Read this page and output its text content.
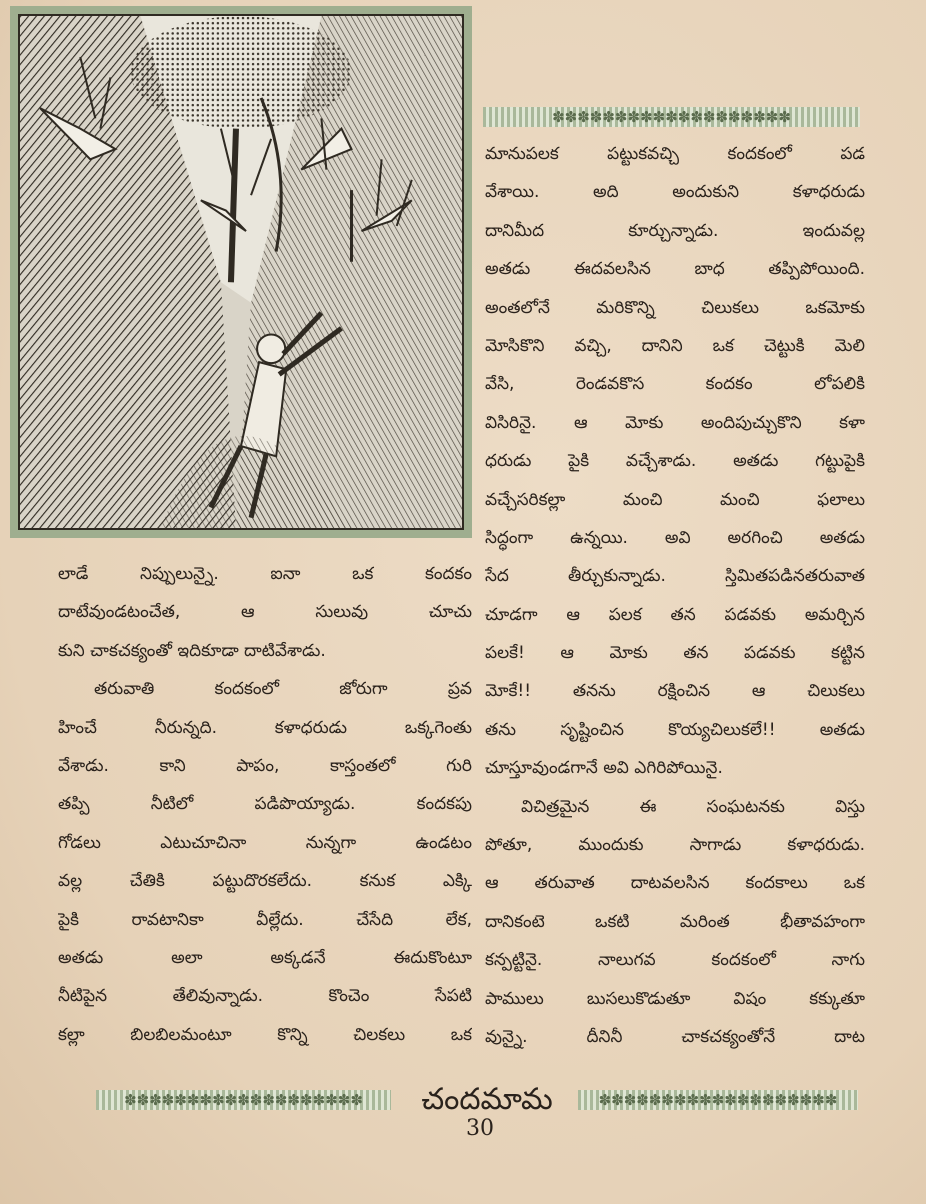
✽✽✽✽✽✽✽✽✽✽✽✽✽✽✽✽✽✽✽
లాడే నిప్పులున్నై. ఐనా ఒక కందకం
దాటేవుండటంచేత, ఆ సులువు చూచు
కుని చాకచక్యంతో ఇదికూడా దాటివేశాడు.
తరువాతి కందకంలో జోరుగా ప్రవ
హించే నీరున్నది. కళాధరుడు ఒక్కగెంతు
వేశాడు. కాని పాపం, కాస్తంతలో గురి
తప్పి నీటిలో పడిపొయ్యాడు. కందకపు
గోడలు ఎటుచూచినా నున్నగా ఉండటం
వల్ల చేతికి పట్టుదొరకలేదు. కనుక ఎక్కి
పైకి రావటానికా వీల్లేదు. చేసేది లేక,
అతడు అలా అక్కడనే ఈదుకొంటూ
నీటిపైన తేలివున్నాడు. కొంచెం సేపటి
కల్లా బిలబిలమంటూ కొన్ని చిలకలు ఒక
మానుపలక పట్టుకవచ్చి కందకంలో పడ
వేశాయి. అది అందుకుని కళాధరుడు
దానిమీద కూర్చున్నాడు. ఇందువల్ల
అతడు ఈదవలసిన బాధ తప్పిపోయింది.
అంతలోనే మరికొన్ని చిలుకలు ఒకమోకు
మోసికొని వచ్చి, దానిని ఒక చెట్టుకి మెలి
వేసి, రెండవకొస కందకం లోపలికి
విసిరినై. ఆ మోకు అందిపుచ్చుకొని కళా
ధరుడు పైకి వచ్చేశాడు. అతడు గట్టుపైకి
వచ్చేసరికల్లా మంచి మంచి ఫలాలు
సిద్ధంగా ఉన్నయి. అవి అరగించి అతడు
సేద తీర్చుకున్నాడు. స్తిమితపడినతరువాత
చూడగా ఆ పలక తన పడవకు అమర్చిన
పలకే! ఆ మోకు తన పడవకు కట్టిన
మోకే!! తనను రక్షించిన ఆ చిలుకలు
తను సృష్టించిన కొయ్యచిలుకలే!! అతడు
చూస్తూవుండగానే అవి ఎగిరిపోయినై.
విచిత్రమైన ఈ సంఘటనకు విస్తు
పోతూ, ముందుకు సాగాడు కళాధరుడు.
ఆ తరువాత దాటవలసిన కందకాలు ఒక
దానికంటె ఒకటి మరింత భీతావహంగా
కన్పట్టినై. నాలుగవ కందకంలో నాగు
పాములు బుసలుకొడుతూ విషం కక్కుతూ
వున్నై. దీనినీ చాకచక్యంతోనే దాట
✽✽✽✽✽✽✽✽✽✽✽✽✽✽✽✽✽✽✽	చందమామ	✽✽✽✽✽✽✽✽✽✽✽✽✽✽✽✽✽✽✽
30
